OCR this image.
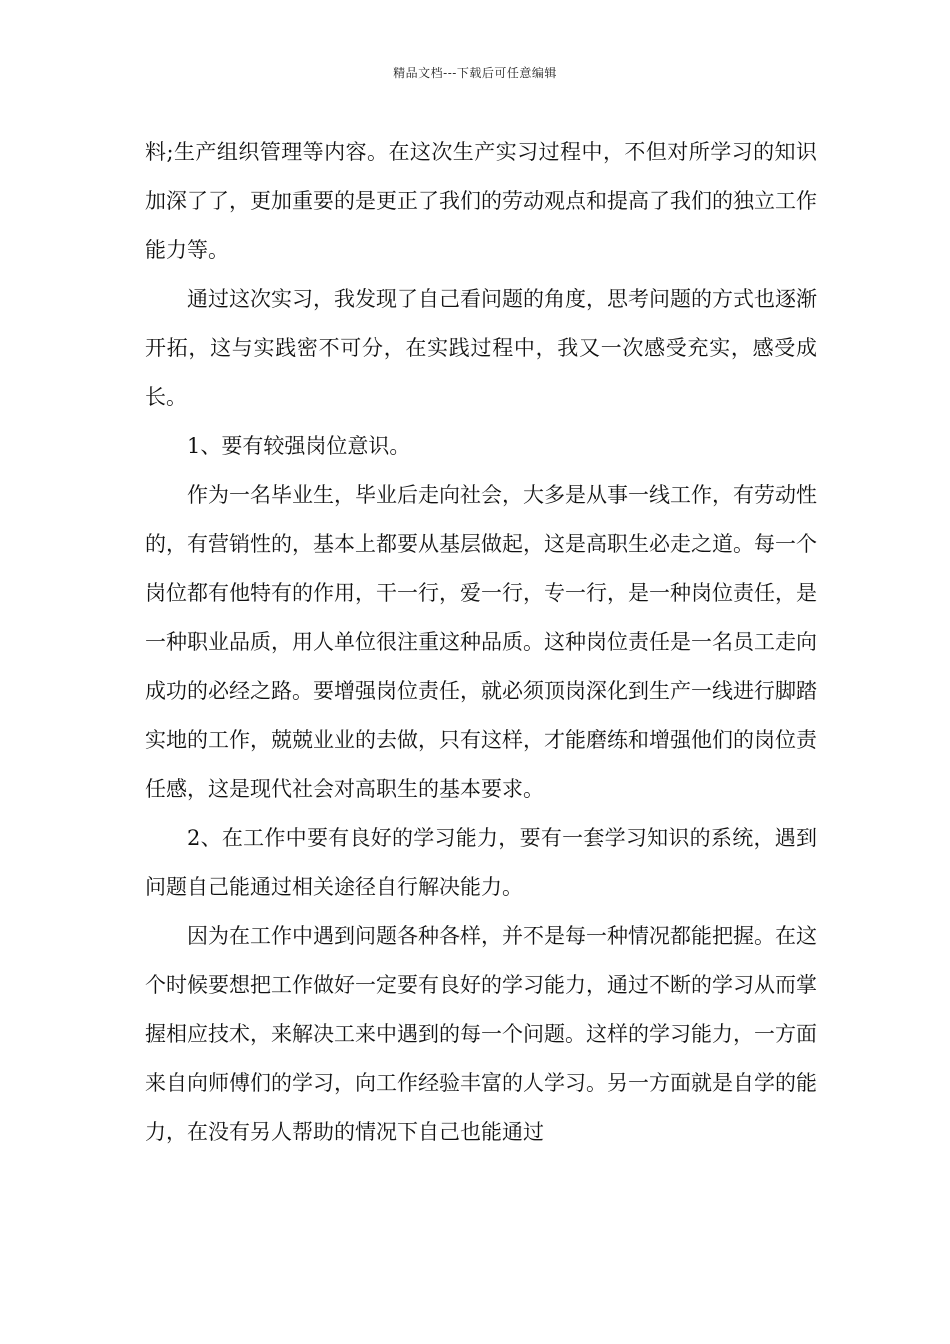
精品文档---下载后可任意编辑

料;生产组织管理等内容。在这次生产实习过程中，不但对所学习的知识加深了了，更加重要的是更正了我们的劳动观点和提高了我们的独立工作能力等。

通过这次实习，我发现了自己看问题的角度，思考问题的方式也逐渐开拓，这与实践密不可分，在实践过程中，我又一次感受充实，感受成长。

1、要有较强岗位意识。

作为一名毕业生，毕业后走向社会，大多是从事一线工作，有劳动性的，有营销性的，基本上都要从基层做起，这是高职生必走之道。每一个岗位都有他特有的作用，干一行，爱一行，专一行，是一种岗位责任，是一种职业品质，用人单位很注重这种品质。这种岗位责任是一名员工走向成功的必经之路。要增强岗位责任，就必须顶岗深化到生产一线进行脚踏实地的工作，兢兢业业的去做，只有这样，才能磨练和增强他们的岗位责任感，这是现代社会对高职生的基本要求。

2、在工作中要有良好的学习能力，要有一套学习知识的系统，遇到问题自己能通过相关途径自行解决能力。

因为在工作中遇到问题各种各样，并不是每一种情况都能把握。在这个时候要想把工作做好一定要有良好的学习能力，通过不断的学习从而掌握相应技术，来解决工来中遇到的每一个问题。这样的学习能力，一方面来自向师傅们的学习，向工作经验丰富的人学习。另一方面就是自学的能力，在没有另人帮助的情况下自己也能通过
